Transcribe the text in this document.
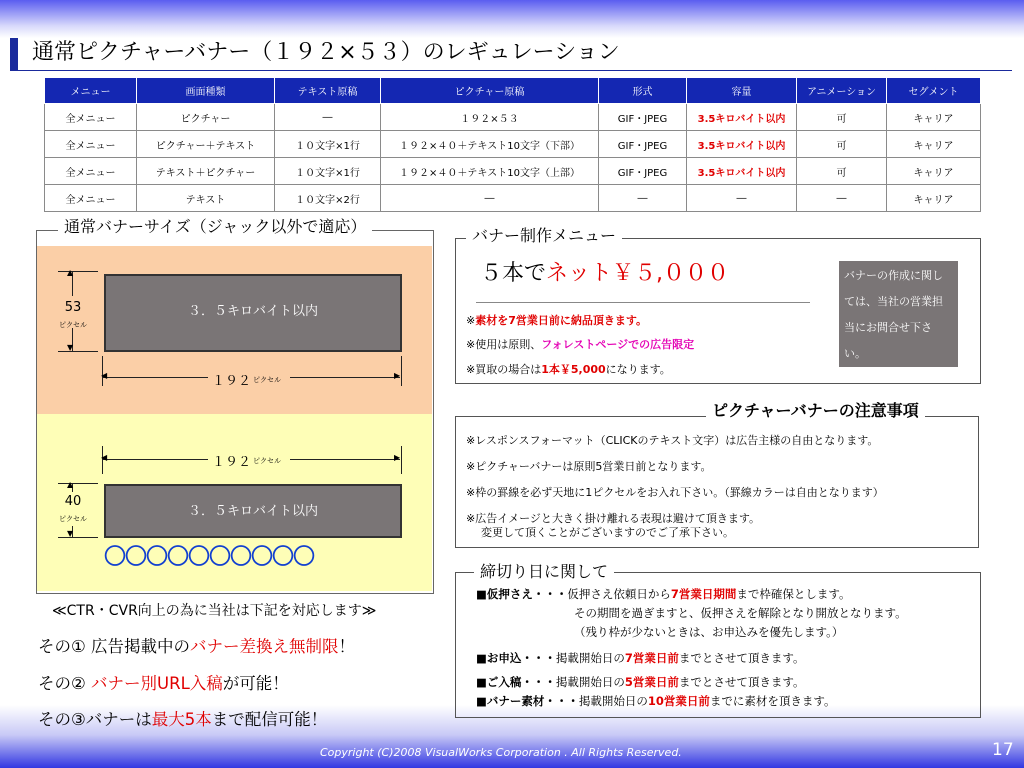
通常ピクチャーバナー（１９２×５３）のレギュレーション
メニュー	画面種類	テキスト原稿	ピクチャー原稿	形式	容量	アニメーション	セグメント
全メニュー	ピクチャー	―	１９２×５３	GIF・JPEG	3.5キロバイト以内	可	キャリア
全メニュー	ピクチャー＋テキスト	１０文字×1行	１９２×４０＋テキスト10文字（下部）	GIF・JPEG	3.5キロバイト以内	可	キャリア
全メニュー	テキスト＋ピクチャー	１０文字×1行	１９２×４０＋テキスト10文字（上部）	GIF・JPEG	3.5キロバイト以内	可	キャリア
全メニュー	テキスト	１０文字×2行	―	―	―	―	キャリア
通常バナーサイズ（ジャック以外で適応）
▲
▼
53
ピクセル
３．５キロバイト以内
◀	▶
１９２ ピクセル
◀	▶
１９２ ピクセル
▲
▼
40
ピクセル	３．５キロバイト以内
〇〇〇〇〇〇〇〇〇〇
≪CTR・CVR向上の為に当社は下記を対応します≫
その① 広告掲載中のバナー差換え無制限！
その② バナー別URL入稿が可能！
その③バナーは最大5本まで配信可能！
バナー制作メニュー
５本でネット￥５,０００
※素材を7営業日前に納品頂きます。
※使用は原則、フォレストページでの広告限定
※買取の場合は1本￥5,000になります。
バナーの作成に関しては、当社の営業担当にお問合せ下さい。
ピクチャーバナーの注意事項
※レスポンスフォーマット（CLICKのテキスト文字）は広告主様の自由となります。
※ピクチャーバナーは原則5営業日前となります。
※枠の罫線を必ず天地に1ピクセルをお入れ下さい。（罫線カラーは自由となります）
※広告イメージと大きく掛け離れる表現は避けて頂きます。
変更して頂くことがございますのでご了承下さい。
締切り日に関して
■仮押さえ・・・仮押さえ依頼日から7営業日期間まで枠確保とします。
その期間を過ぎますと、仮押さえを解除となり開放となります。
（残り枠が少ないときは、お申込みを優先します。）
■お申込・・・掲載開始日の7営業日前までとさせて頂きます。
■ご入稿・・・掲載開始日の5営業日前までとさせて頂きます。
■バナー素材・・・掲載開始日の10営業日前までに素材を頂きます。
Copyright (C)2008 VisualWorks Corporation . All Rights Reserved.	17
